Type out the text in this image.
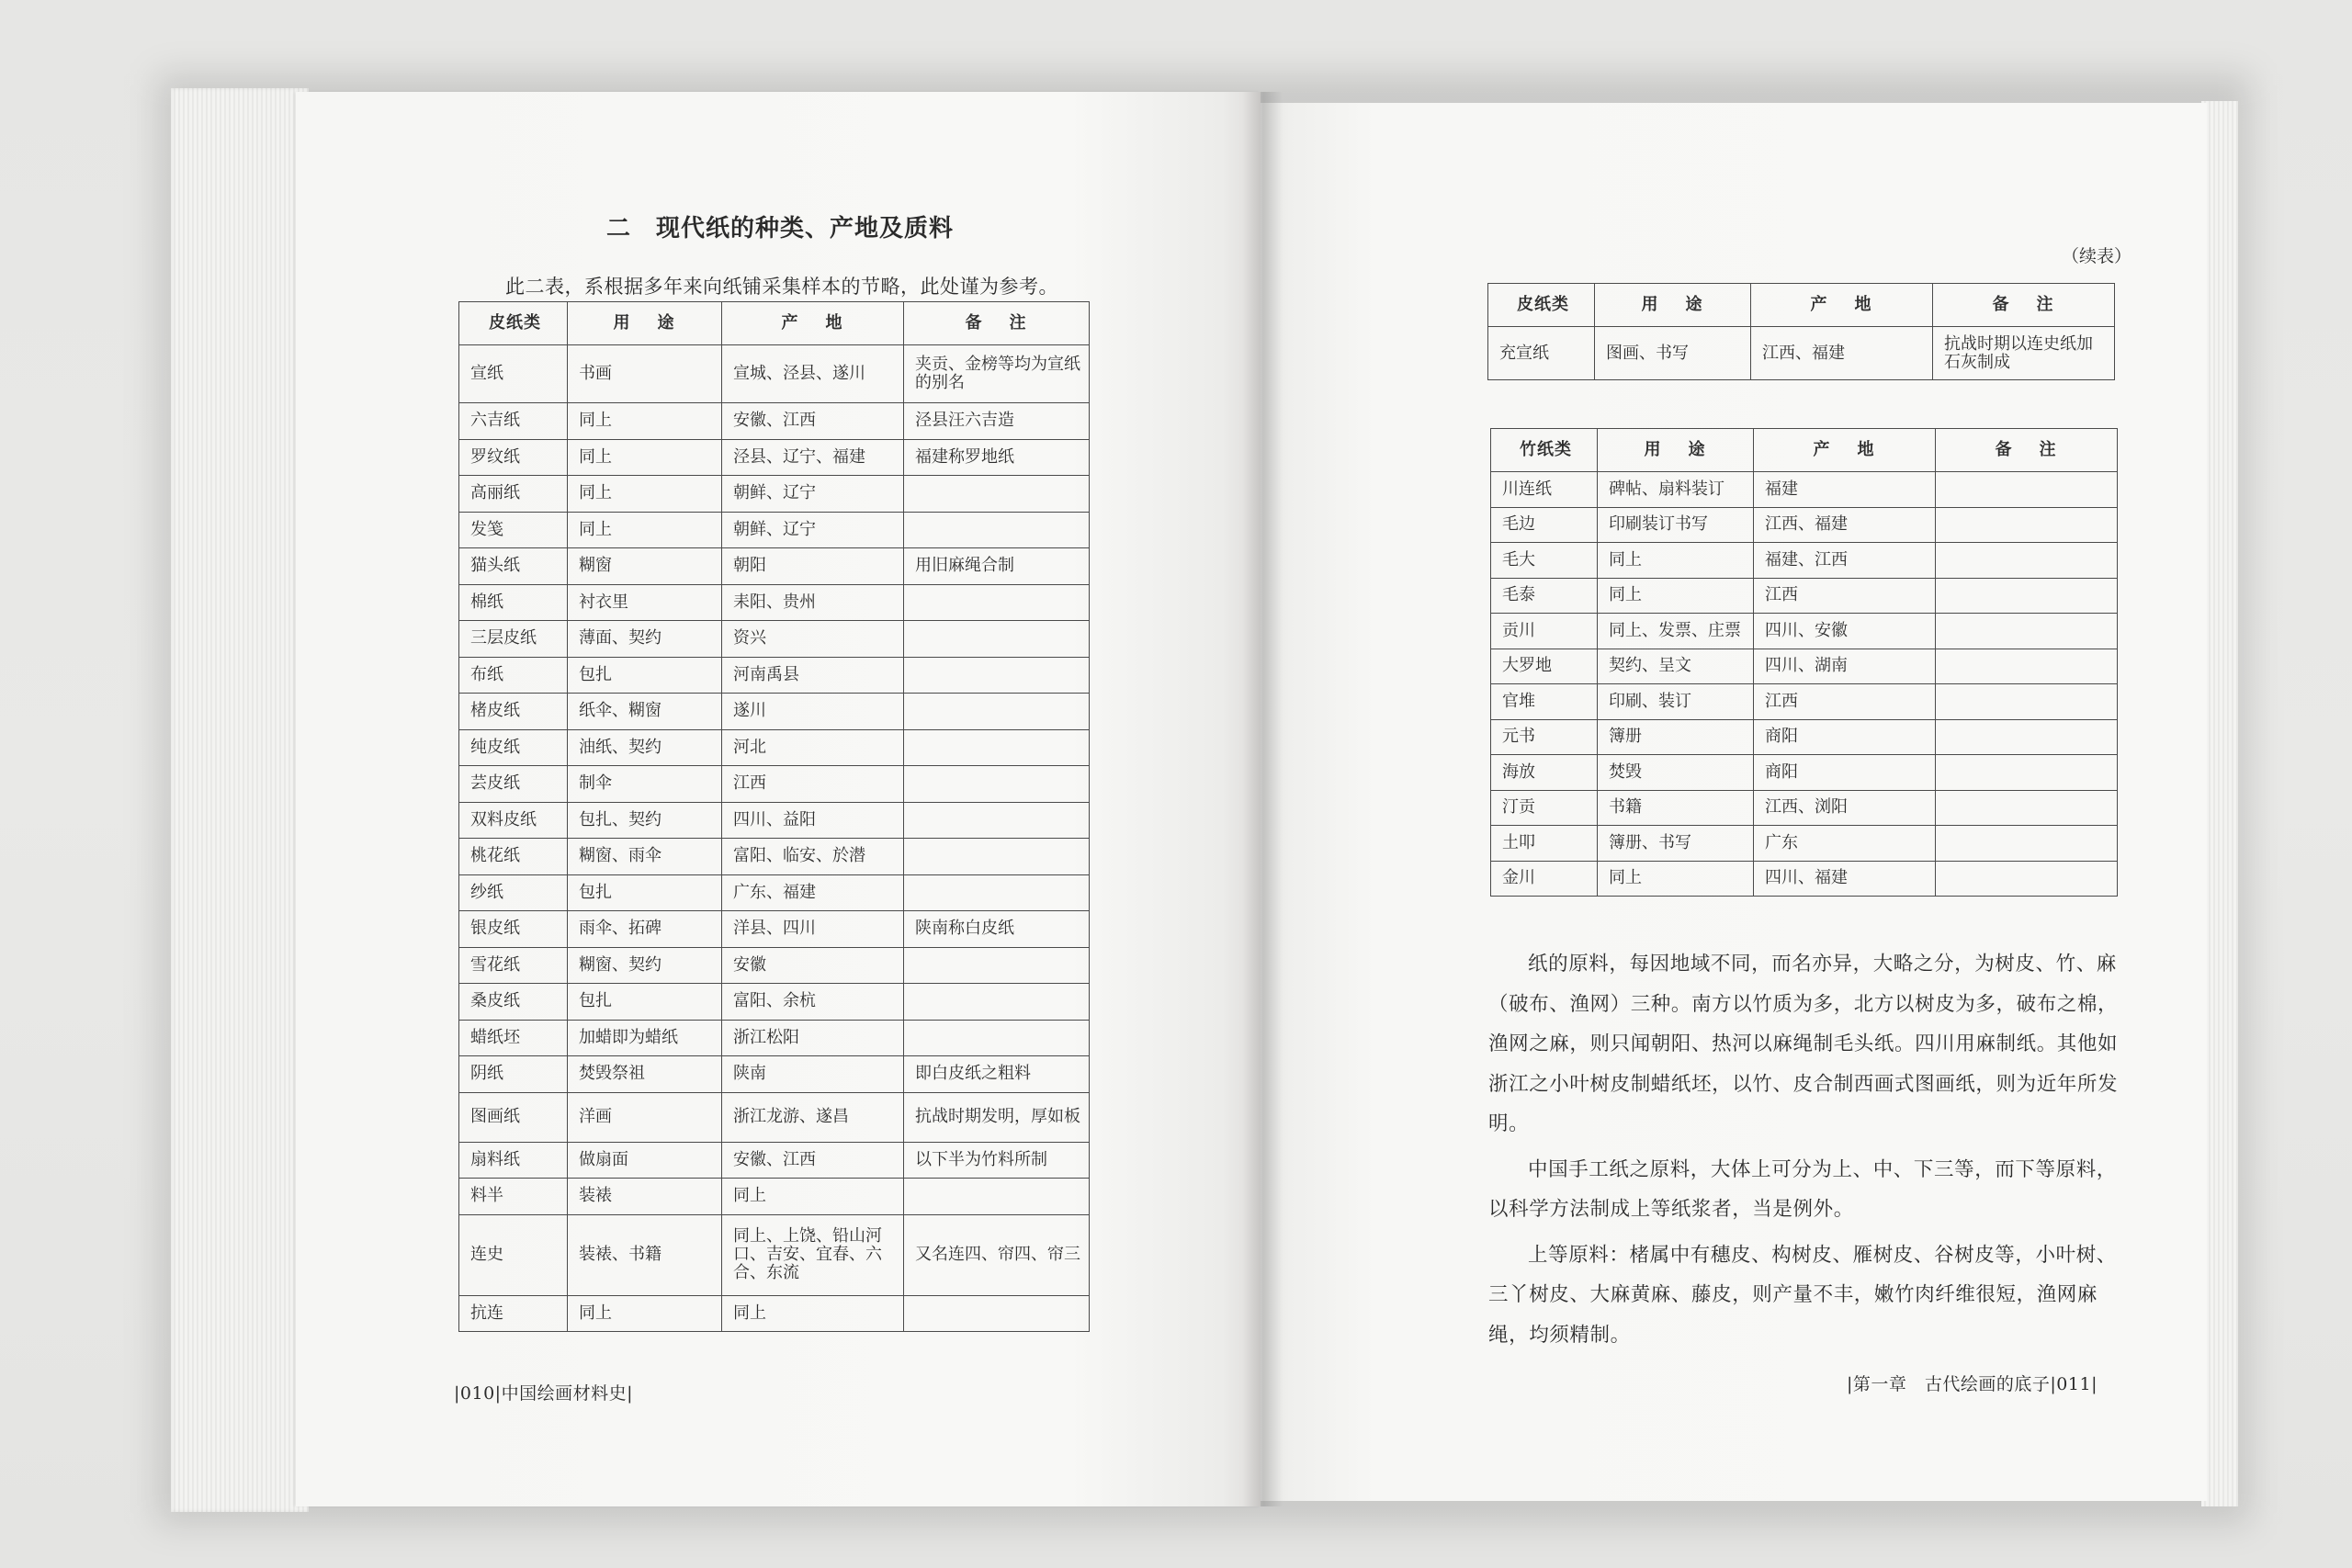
二　现代纸的种类、产地及质料
此二表，系根据多年来向纸铺采集样本的节略，此处谨为参考。
皮纸类	用　途	产　地	备　注
宣纸	书画	宣城、泾县、遂川	夹贡、金榜等均为宣纸的别名
六吉纸	同上	安徽、江西	泾县汪六吉造
罗纹纸	同上	泾县、辽宁、福建	福建称罗地纸
高丽纸	同上	朝鲜、辽宁	
发笺	同上	朝鲜、辽宁	
猫头纸	糊窗	朝阳	用旧麻绳合制
棉纸	衬衣里	耒阳、贵州	
三层皮纸	薄面、契约	资兴	
布纸	包扎	河南禹县	
楮皮纸	纸伞、糊窗	遂川	
纯皮纸	油纸、契约	河北	
芸皮纸	制伞	江西	
双料皮纸	包扎、契约	四川、益阳	
桃花纸	糊窗、雨伞	富阳、临安、於潜	
纱纸	包扎	广东、福建	
银皮纸	雨伞、拓碑	洋县、四川	陕南称白皮纸
雪花纸	糊窗、契约	安徽	
桑皮纸	包扎	富阳、余杭	
蜡纸坯	加蜡即为蜡纸	浙江松阳	
阴纸	焚毁祭祖	陕南	即白皮纸之粗料
图画纸	洋画	浙江龙游、遂昌	抗战时期发明，厚如板
扇料纸	做扇面	安徽、江西	以下半为竹料所制
料半	装裱	同上	
连史	装裱、书籍	同上、上饶、铅山河口、吉安、宜春、六合、东流	又名连四、帘四、帘三
抗连	同上	同上	
|010|中国绘画材料史|
（续表）
皮纸类	用　途	产　地	备　注
充宣纸	图画、书写	江西、福建	抗战时期以连史纸加石灰制成
竹纸类	用　途	产　地	备　注
川连纸	碑帖、扇料装订	福建	
毛边	印刷装订书写	江西、福建	
毛大	同上	福建、江西	
毛泰	同上	江西	
贡川	同上、发票、庄票	四川、安徽	
大罗地	契约、呈文	四川、湖南	
官堆	印刷、装订	江西	
元书	簿册	商阳	
海放	焚毁	商阳	
汀贡	书籍	江西、浏阳	
土叩	簿册、书写	广东	
金川	同上	四川、福建	

纸的原料，每因地域不同，而名亦异，大略之分，为树皮、竹、麻（破布、渔网）三种。南方以竹质为多，北方以树皮为多，破布之棉，渔网之麻，则只闻朝阳、热河以麻绳制毛头纸。四川用麻制纸。其他如浙江之小叶树皮制蜡纸坯，以竹、皮合制西画式图画纸，则为近年所发明。

中国手工纸之原料，大体上可分为上、中、下三等，而下等原料，以科学方法制成上等纸浆者，当是例外。

上等原料：楮属中有穗皮、构树皮、雁树皮、谷树皮等，小叶树、三丫树皮、大麻黄麻、藤皮，则产量不丰，嫩竹肉纤维很短，渔网麻绳，均须精制。

|第一章　古代绘画的底子|011|
